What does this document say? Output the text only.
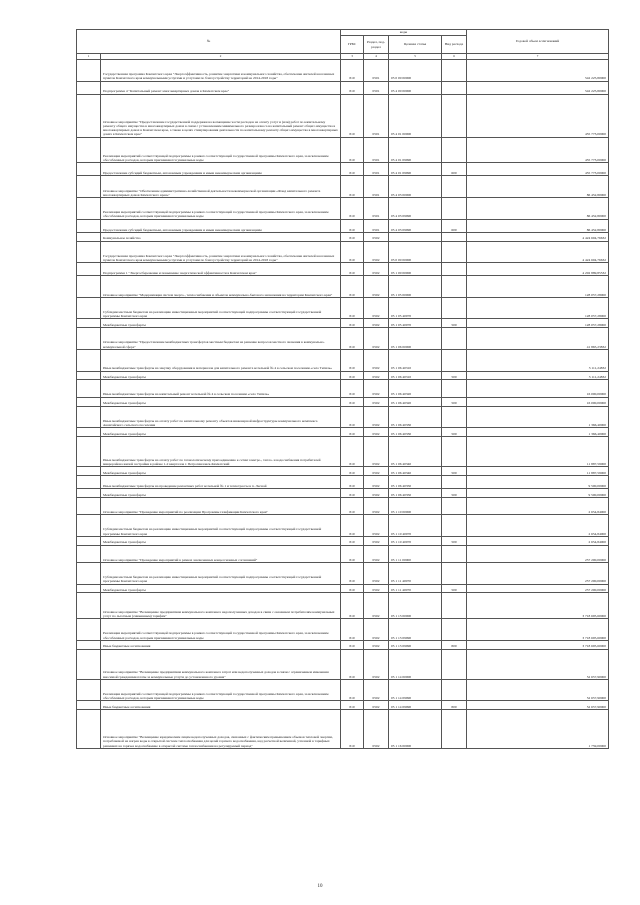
№		коды				Годовой объем ассигнований
		ГРБС	Раздел, под-раздел	Целевая статья	Вид расхода	
1	2	3	4	5	6	7
	Государственная программа Камчатского края "Энергоэффективность, развитие энергетики и коммунального хозяйства, обеспечение жителей населенных пунктов Камчатского края коммунальными услугами и услугами по благоустройству территорий на 2014-2018 годы"	810	0501	05 0 00 00000		542 225,80000
	Подпрограмма 4 "Капитальный ремонт многоквартирных домов в Камчатском крае"	810	0501	05 4 00 00000		542 225,80000
	Основное мероприятие "Предоставление государственной поддержки на возмещение части расходов на оплату услуг и (или) работ по капитальному ремонту общего имущества в многоквартирных домах в связи с установлением минимального размера взноса на капитальный ремонт общего имущества в многоквартирных домах в Камчатском крае, а также в целях стимулирования деятельности по капитальному ремонту общего имущества в многоквартирных домах в Камчатском крае"	810	0501	05 4 01 00000		455 773,00000
	Реализация мероприятий соответствующей подпрограммы в рамках соответствующей государственной программы Камчатского края, за исключением обособленных расходов, которым присваиваются уникальные коды	810	0501	05 4 01 09990		455 773,00000
	Предоставление субсидий бюджетным, автономным учреждениям и иным некоммерческим организациям	810	0501	05 4 01 09990	600	455 773,00000
	Основное мероприятие "Обеспечение административно-хозяйственной деятельности некоммерческой организации «Фонд капитального ремонта многоквартирных домов Камчатского края»"	810	0501	05 4 03 00000		86 452,80000
	Реализация мероприятий соответствующей подпрограммы в рамках соответствующей государственной программы Камчатского края, за исключением обособленных расходов, которым присваиваются уникальные коды	810	0501	05 4 03 09990		86 452,80000
	Предоставление субсидий бюджетным, автономным учреждениям и иным некоммерческим организациям	810	0501	05 4 03 09990	600	86 452,80000
	Коммунальное хозяйство	810	0502			4 424 604,76632
	Государственная программа Камчатского края "Энергоэффективность, развитие энергетики и коммунального хозяйства, обеспечение жителей населенных пунктов Камчатского края коммунальными услугами и услугами по благоустройству территорий на 2014-2018 годы"	810	0502	05 0 00 00000		4 424 604,76632
	Подпрограмма 1 "Энергосбережение и повышение энергетической эффективности в Камчатском крае"	810	0502	05 1 00 00000		4 202 889,85532
	Основное мероприятие "Модернизация систем энерго-, теплоснабжения и объектов коммунально-бытового назначения на территории Камчатского края"	810	0502	05 1 05 00000		128 057,28000
	Субсидии местным бюджетам на реализацию инвестиционных мероприятий соответствующей подпрограммы соответствующей государственной программы Камчатского края	810	0502	05 1 05 40070		128 057,28000
	Межбюджетные трансферты	810	0502	05 1 05 40070	500	128 057,28000
	Основное мероприятие "Предоставление межбюджетных трансфертов местным бюджетам на решение вопросов местного значения в коммунально-коммунальной сфере"	810	0502	05 1 06 00000		41 865,23832
	Иные межбюджетные трансферты на закупку оборудования и материалов для капитального ремонта котельной № 4 в сельском поселении «село Тигиль»	810	0502	05 1 06 40310		3 111,24832
	Межбюджетные трансферты	810	0502	05 1 06 40310	500	3 111,24832
	Иные межбюджетные трансферты на капитальный ремонт котельной № 4 в сельском поселении «село Тигиль»	810	0502	05 1 06 40320		16 000,00000
	Межбюджетные трансферты	810	0502	05 1 06 40320	500	16 000,00000
	Иные межбюджетные трансферты на оплату работ по капитальному ремонту объектов инженерной инфраструктуры коммунального комплекса Анавгайского сельского поселения	810	0502	05 1 06 40330		1 366,40000
	Межбюджетные трансферты	810	0502	05 1 06 40330	500	1 366,40000
	Иные межбюджетные трансферты на оплату работ по технологическому присоединению к сетям электро-, тепло- и водоснабжения потребителей микрорайона жилой застройки в районе 1-2 кварталов г. Петропавловск-Камчатский	810	0502	05 1 06 40340		11 887,59000
	Межбюджетные трансферты	810	0502	05 1 06 40340	500	11 887,59000
	Иные межбюджетные трансферты на проведение ремонтных работ котельной № 1 и теплотрассы в п. Лесной	810	0502	05 1 06 40350		9 500,00000
	Межбюджетные трансферты	810	0502	05 1 06 40350	500	9 500,00000
	Основное мероприятие "Проведение мероприятий по реализации Программы газификации Камчатского края"	810	0502	05 1 10 00000		2 654,84000
	Субсидии местным бюджетам на реализацию инвестиционных мероприятий соответствующей подпрограммы соответствующей государственной программы Камчатского края	810	0502	05 1 10 40070		2 654,84000
	Межбюджетные трансферты	810	0502	05 1 10 40070	500	2 654,84000
	Основное мероприятие "Проведение мероприятий в рамках заключенных концессионных соглашений"	810	0502	05 1 11 00000		257 200,00000
	Субсидии местным бюджетам на реализацию инвестиционных мероприятий соответствующей подпрограммы соответствующей государственной программы Камчатского края	810	0502	05 1 11 40070		257 200,00000
	Межбюджетные трансферты	810	0502	05 1 11 40070	500	257 200,00000
	Основное мероприятие "Возмещение предприятиям коммунального комплекса недополученных доходов в связи с оказанием потребителям коммунальных услуг по льготным (сниженным) тарифам"	810	0502	05 1 13 00000		3 718 695,60000
	Реализация мероприятий соответствующей подпрограммы в рамках соответствующей государственной программы Камчатского края, за исключением обособленных расходов, которым присваиваются уникальные коды	810	0502	05 1 13 09990		3 718 695,60000
	Иные бюджетные ассигнования	810	0502	05 1 13 09990	800	3 718 695,60000
	Основное мероприятие "Возмещение предприятиям коммунального комплекса затрат или недополученных доходов в связи с ограничением изменения вносимой гражданами платы за коммунальные услуги до установленного уровня"	810	0502	05 1 14 00000		52 657,90000
	Реализация мероприятий соответствующей подпрограммы в рамках соответствующей государственной программы Камчатского края, за исключением обособленных расходов, которым присваиваются уникальные коды	810	0502	05 1 14 09990		52 657,90000
	Иные бюджетные ассигнования	810	0502	05 1 14 09990	800	52 657,90000
	Основное мероприятие "Возмещение юридическим лицам недополученных доходов, связанных с фактическим превышением объемов тепловой энергии, потребляемой на нагрев воды в открытой системе теплоснабжения для целей горячего водоснабжения, над расчетной величиной, учтенной в тарифных решениях на горячее водоснабжение в открытой системе теплоснабжения на регулируемый период"	810	0502	05 1 16 00000		1 759,00000
10
